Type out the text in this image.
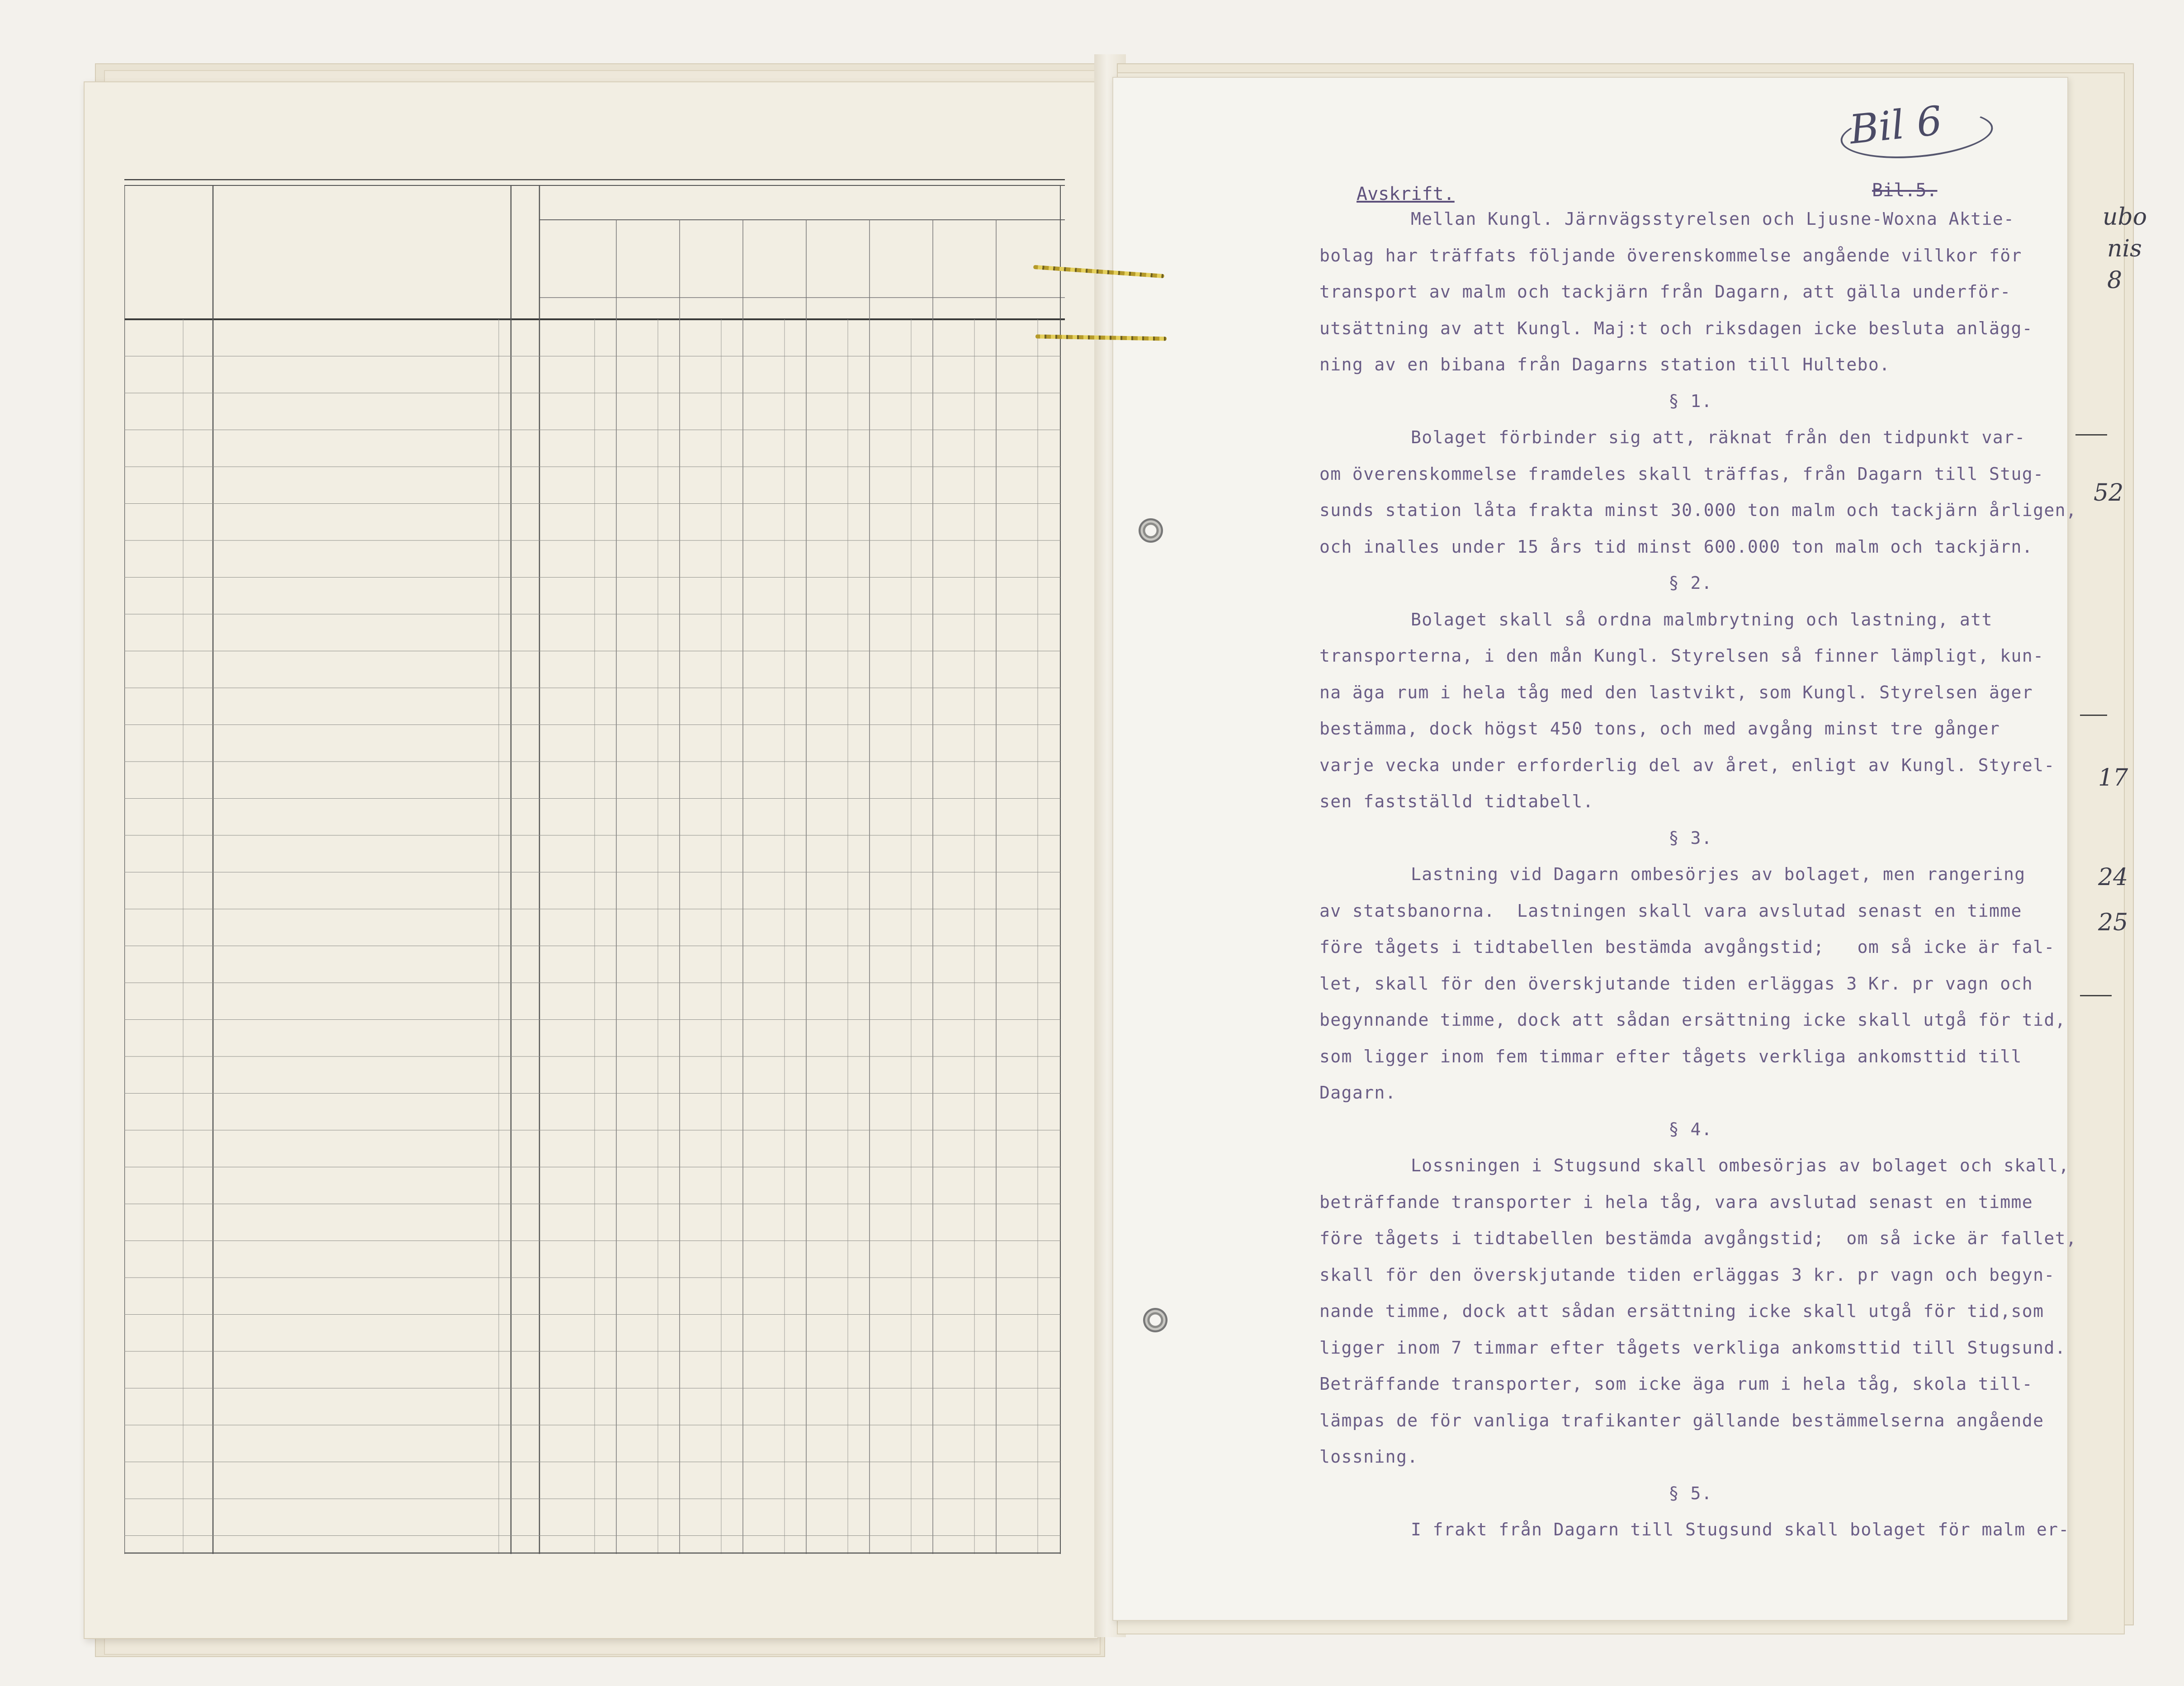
ubo
nis
8
52
17
24
25
Bil 6
Avskrift.	Bil.5.
Mellan Kungl. Järnvägsstyrelsen och Ljusne-Woxna Aktie-
bolag har träffats följande överenskommelse angående villkor för
transport av malm och tackjärn från Dagarn, att gälla underför-
utsättning av att Kungl. Maj:t och riksdagen icke besluta anlägg-
ning av en bibana från Dagarns station till Hultebo.
§ 1.
Bolaget förbinder sig att, räknat från den tidpunkt var-
om överenskommelse framdeles skall träffas, från Dagarn till Stug-
sunds station låta frakta minst 30.000 ton malm och tackjärn årligen,
och inalles under 15 års tid minst 600.000 ton malm och tackjärn.
§ 2.
Bolaget skall så ordna malmbrytning och lastning, att
transporterna, i den mån Kungl. Styrelsen så finner lämpligt, kun-
na äga rum i hela tåg med den lastvikt, som Kungl. Styrelsen äger
bestämma, dock högst 450 tons, och med avgång minst tre gånger
varje vecka under erforderlig del av året, enligt av Kungl. Styrel-
sen fastställd tidtabell.
§ 3.
Lastning vid Dagarn ombesörjes av bolaget, men rangering
av statsbanorna.  Lastningen skall vara avslutad senast en timme
före tågets i tidtabellen bestämda avgångstid;   om så icke är fal-
let, skall för den överskjutande tiden erläggas 3 Kr. pr vagn och
begynnande timme, dock att sådan ersättning icke skall utgå för tid,
som ligger inom fem timmar efter tågets verkliga ankomsttid till
Dagarn.
§ 4.
Lossningen i Stugsund skall ombesörjas av bolaget och skall,
beträffande transporter i hela tåg, vara avslutad senast en timme
före tågets i tidtabellen bestämda avgångstid;  om så icke är fallet,
skall för den överskjutande tiden erläggas 3 kr. pr vagn och begyn-
nande timme, dock att sådan ersättning icke skall utgå för tid,som
ligger inom 7 timmar efter tågets verkliga ankomsttid till Stugsund.
Beträffande transporter, som icke äga rum i hela tåg, skola till-
lämpas de för vanliga trafikanter gällande bestämmelserna angående
lossning.
§ 5.
I frakt från Dagarn till Stugsund skall bolaget för malm er-
